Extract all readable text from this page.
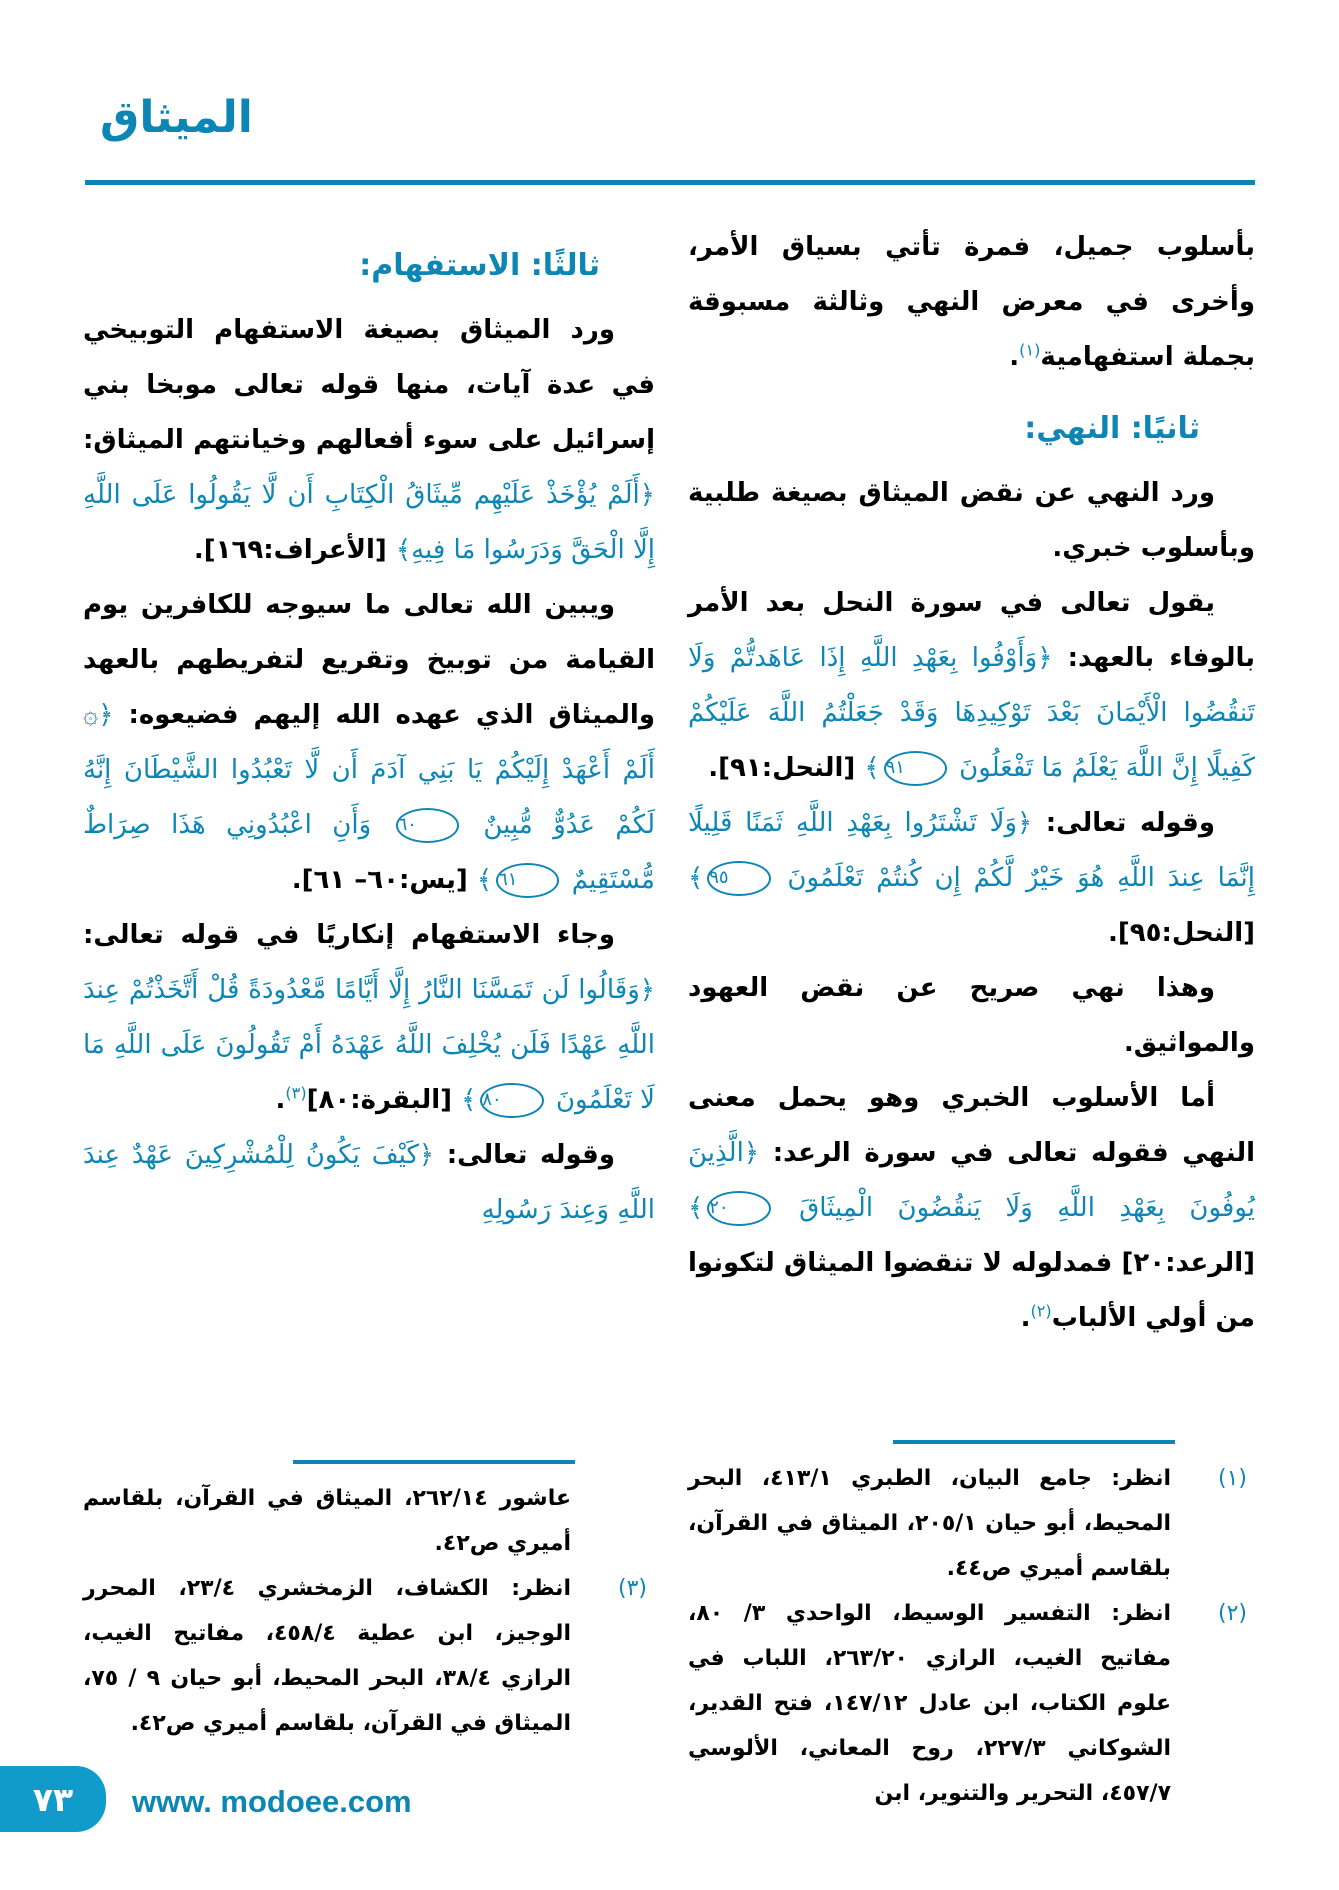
الميثاق

بأسلوب جميل، فمرة تأتي بسياق الأمر، وأخرى في معرض النهي وثالثة مسبوقة بجملة استفهامية$^{(١)}$.

ثانيًا: النهي:

ورد النهي عن نقض الميثاق بصيغة طلبية وبأسلوب خبري.

يقول تعالى في سورة النحل بعد الأمر بالوفاء بالعهد: ﴿وَأَوْفُوا بِعَهْدِ اللَّهِ إِذَا عَاهَدتُّمْ وَلَا تَنقُضُوا الْأَيْمَانَ بَعْدَ تَوْكِيدِهَا وَقَدْ جَعَلْتُمُ اللَّهَ عَلَيْكُمْ كَفِيلًا إِنَّ اللَّهَ يَعْلَمُ مَا تَفْعَلُونَ ٩١﴾ [النحل:٩١].

وقوله تعالى: ﴿وَلَا تَشْتَرُوا بِعَهْدِ اللَّهِ ثَمَنًا قَلِيلًا إِنَّمَا عِندَ اللَّهِ هُوَ خَيْرٌ لَّكُمْ إِن كُنتُمْ تَعْلَمُونَ ٩٥﴾ [النحل:٩٥].

وهذا نهي صريح عن نقض العهود والمواثيق.

أما الأسلوب الخبري وهو يحمل معنى النهي فقوله تعالى في سورة الرعد: ﴿الَّذِينَ يُوفُونَ بِعَهْدِ اللَّهِ وَلَا يَنقُضُونَ الْمِيثَاقَ ٢٠﴾ [الرعد:٢٠] فمدلوله لا تنقضوا الميثاق لتكونوا من أولي الألباب$^{(٢)}$.

(١)
انظر: جامع البيان، الطبري ٤١٣/١، البحر المحيط، أبو حيان ٢٠٥/١، الميثاق في القرآن، بلقاسم أميري ص٤٤.
(٢)
انظر: التفسير الوسيط، الواحدي ٣/ ٨٠، مفاتيح الغيب، الرازي ٢٦٣/٢٠، اللباب في علوم الكتاب، ابن عادل ١٤٧/١٢، فتح القدير، الشوكاني ٢٢٧/٣، روح المعاني، الألوسي ٤٥٧/٧، التحرير والتنوير، ابن
ثالثًا: الاستفهام:

ورد الميثاق بصيغة الاستفهام التوبيخي في عدة آيات، منها قوله تعالى موبخا بني إسرائيل على سوء أفعالهم وخيانتهم الميثاق: ﴿أَلَمْ يُؤْخَذْ عَلَيْهِم مِّيثَاقُ الْكِتَابِ أَن لَّا يَقُولُوا عَلَى اللَّهِ إِلَّا الْحَقَّ وَدَرَسُوا مَا فِيهِ﴾ [الأعراف:١٦٩].

ويبين الله تعالى ما سيوجه للكافرين يوم القيامة من توبيخ وتقريع لتفريطهم بالعهد والميثاق الذي عهده الله إليهم فضيعوه: ﴿۞ أَلَمْ أَعْهَدْ إِلَيْكُمْ يَا بَنِي آدَمَ أَن لَّا تَعْبُدُوا الشَّيْطَانَ إِنَّهُ لَكُمْ عَدُوٌّ مُّبِينٌ ٦٠ وَأَنِ اعْبُدُونِي هَذَا صِرَاطٌ مُّسْتَقِيمٌ ٦١﴾ [يس:٦٠– ٦١].

وجاء الاستفهام إنكاريًا في قوله تعالى: ﴿وَقَالُوا لَن تَمَسَّنَا النَّارُ إِلَّا أَيَّامًا مَّعْدُودَةً قُلْ أَتَّخَذْتُمْ عِندَ اللَّهِ عَهْدًا فَلَن يُخْلِفَ اللَّهُ عَهْدَهُ أَمْ تَقُولُونَ عَلَى اللَّهِ مَا لَا تَعْلَمُونَ ٨٠﴾ [البقرة:٨٠]$^{(٣)}$.

وقوله تعالى: ﴿كَيْفَ يَكُونُ لِلْمُشْرِكِينَ عَهْدٌ عِندَ اللَّهِ وَعِندَ رَسُولِهِ

عاشور ٢٦٢/١٤، الميثاق في القرآن، بلقاسم أميري ص٤٢.
(٣)
انظر: الكشاف، الزمخشري ٢٣/٤، المحرر الوجيز، ابن عطية ٤٥٨/٤، مفاتيح الغيب، الرازي ٣٨/٤، البحر المحيط، أبو حيان ٩ / ٧٥، الميثاق في القرآن، بلقاسم أميري ص٤٢.
٧٣ www. modoee.com
